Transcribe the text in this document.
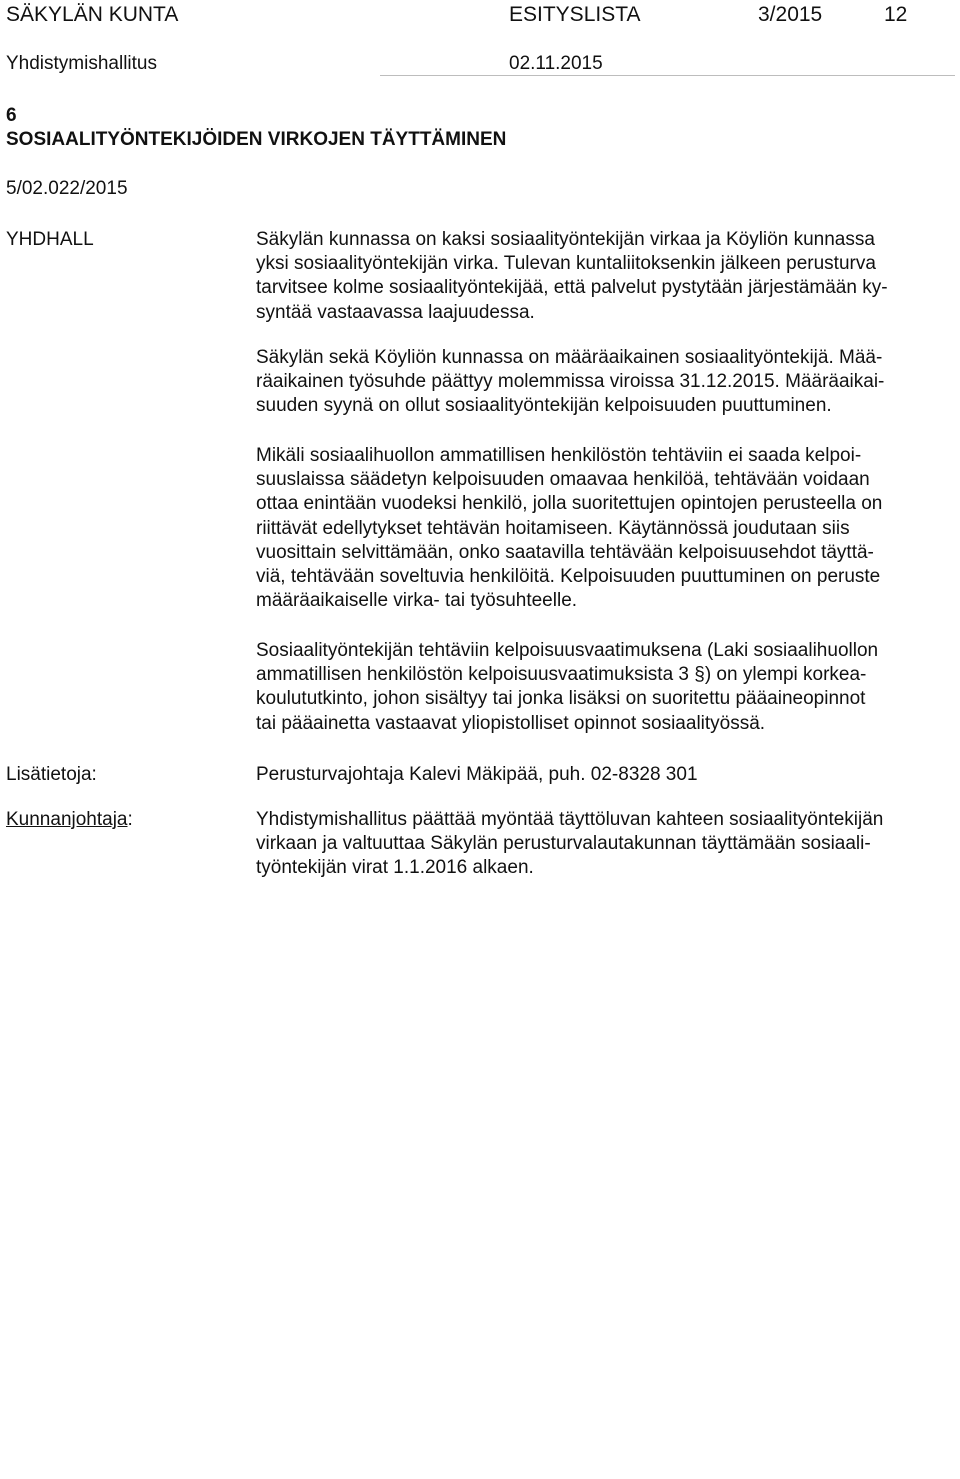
SÄKYLÄN KUNTA	ESITYSLISTA	3/2015	12
Yhdistymishallitus	02.11.2015
6
SOSIAALITYÖNTEKIJÖIDEN VIRKOJEN TÄYTTÄMINEN
5/02.022/2015
YHDHALL	Säkylän kunnassa on kaksi sosiaalityöntekijän virkaa ja Köyliön kunnassa
yksi sosiaalityöntekijän virka. Tulevan kuntaliitoksenkin jälkeen perusturva
tarvitsee kolme sosiaalityöntekijää, että palvelut pystytään järjestämään ky-
syntää vastaavassa laajuudessa.
Säkylän sekä Köyliön kunnassa on määräaikainen sosiaalityöntekijä. Mää-
räaikainen työsuhde päättyy molemmissa viroissa 31.12.2015. Määräaikai-
suuden syynä on ollut sosiaalityöntekijän kelpoisuuden puuttuminen.
Mikäli sosiaalihuollon ammatillisen henkilöstön tehtäviin ei saada kelpoi-
suuslaissa säädetyn kelpoisuuden omaavaa henkilöä, tehtävään voidaan
ottaa enintään vuodeksi henkilö, jolla suoritettujen opintojen perusteella on
riittävät edellytykset tehtävän hoitamiseen. Käytännössä joudutaan siis
vuosittain selvittämään, onko saatavilla tehtävään kelpoisuusehdot täyttä-
viä, tehtävään soveltuvia henkilöitä. Kelpoisuuden puuttuminen on peruste
määräaikaiselle virka- tai työsuhteelle.
Sosiaalityöntekijän tehtäviin kelpoisuusvaatimuksena (Laki sosiaalihuollon
ammatillisen henkilöstön kelpoisuusvaatimuksista 3 §) on ylempi korkea-
koulututkinto, johon sisältyy tai jonka lisäksi on suoritettu pääaineopinnot
tai pääainetta vastaavat yliopistolliset opinnot sosiaalityössä.
Lisätietoja:	Perusturvajohtaja Kalevi Mäkipää, puh. 02-8328 301
Kunnanjohtaja:	Yhdistymishallitus päättää myöntää täyttöluvan kahteen sosiaalityöntekijän
virkaan ja valtuuttaa Säkylän perusturvalautakunnan täyttämään sosiaali-
työntekijän virat 1.1.2016 alkaen.
